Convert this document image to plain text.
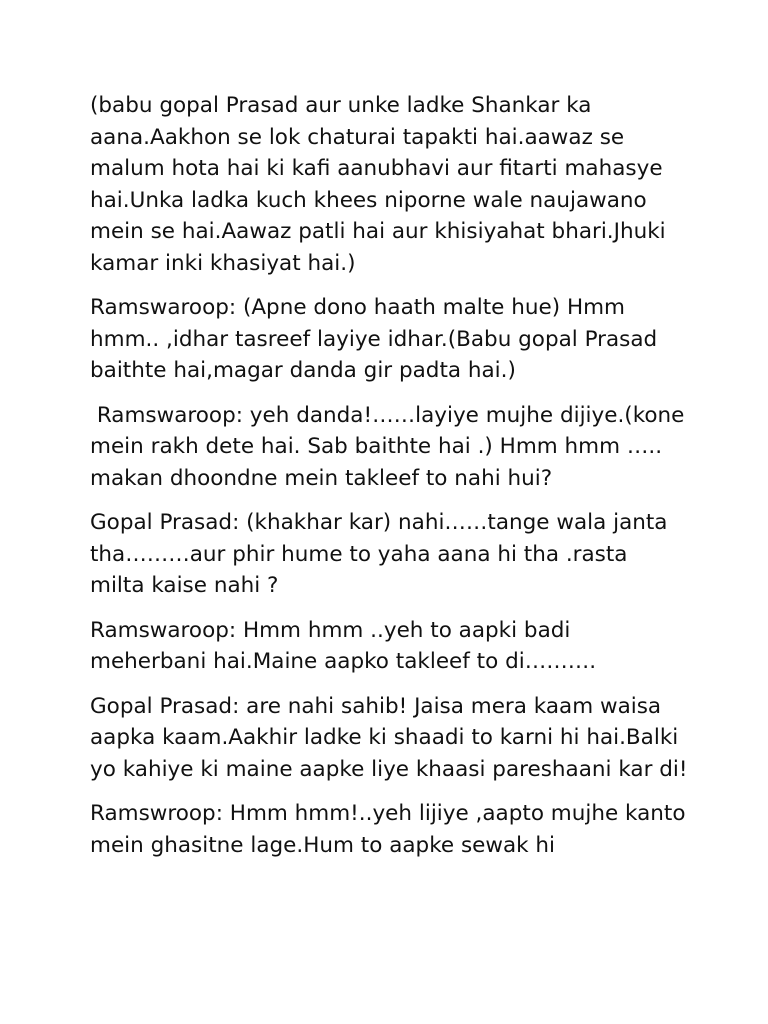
(babu gopal Prasad aur unke ladke Shankar ka aana.Aakhon se lok chaturai tapakti hai.aawaz se malum hota hai ki kafi aanubhavi aur fitarti mahasye hai.Unka ladka kuch khees niporne wale naujawano mein se hai.Aawaz patli hai aur khisiyahat bhari.Jhuki kamar inki khasiyat hai.)

Ramswaroop: (Apne dono haath malte hue) Hmm hmm.. ,idhar tasreef layiye idhar.(Babu gopal Prasad baithte hai,magar danda gir padta hai.)

Ramswaroop: yeh danda!……layiye mujhe dijiye.(kone mein rakh dete hai. Sab baithte hai .) Hmm hmm ….. makan dhoondne mein takleef to nahi hui?

Gopal Prasad: (khakhar kar) nahi……tange wala janta tha………aur phir hume to yaha aana hi tha .rasta milta kaise nahi ?

Ramswaroop: Hmm hmm ..yeh to aapki badi meherbani hai.Maine aapko takleef to di……….

Gopal Prasad: are nahi sahib! Jaisa mera kaam waisa aapka kaam.Aakhir ladke ki shaadi to karni hi hai.Balki yo kahiye ki maine aapke liye khaasi pareshaani kar di!

Ramswroop: Hmm hmm!..yeh lijiye ,aapto mujhe kanto mein ghasitne lage.Hum to aapke sewak hi
